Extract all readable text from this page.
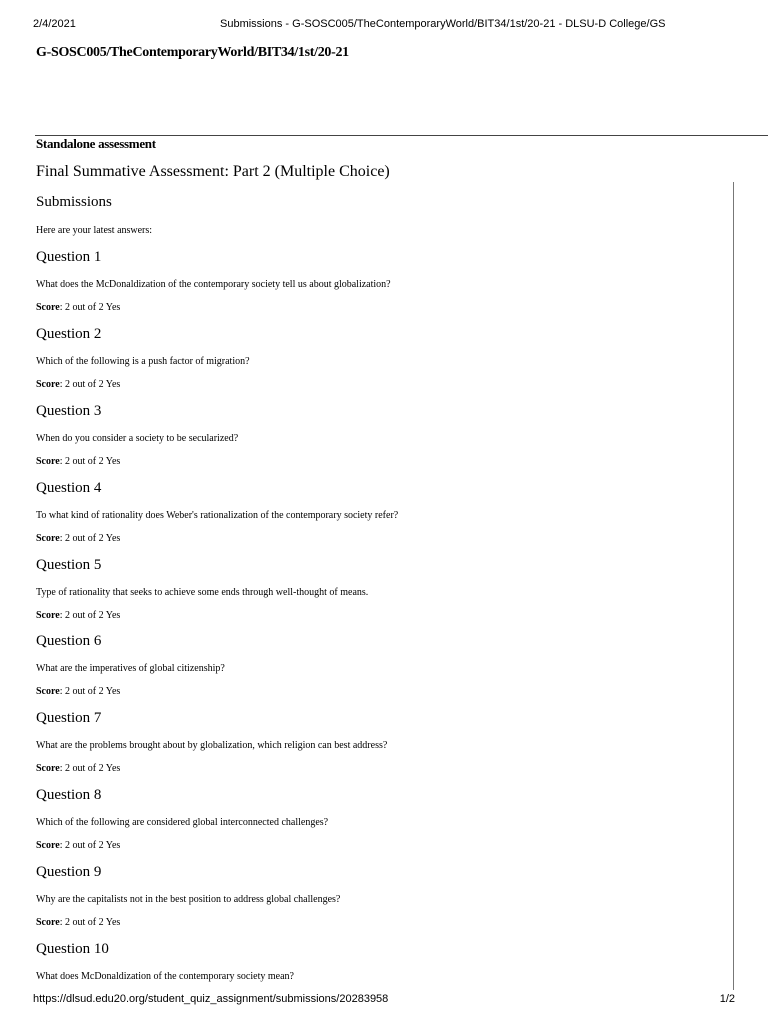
2/4/2021	Submissions - G-SOSC005/TheContemporaryWorld/BIT34/1st/20-21 - DLSU-D College/GS
G-SOSC005/TheContemporaryWorld/BIT34/1st/20-21
Standalone assessment
Final Summative Assessment: Part 2 (Multiple Choice)
Submissions
Here are your latest answers:
Question 1
What does the McDonaldization of the contemporary society tell us about globalization?
Score: 2 out of 2 Yes
Question 2
Which of the following is a push factor of migration?
Score: 2 out of 2 Yes
Question 3
When do you consider a society to be secularized?
Score: 2 out of 2 Yes
Question 4
To what kind of rationality does Weber's rationalization of the contemporary society refer?
Score: 2 out of 2 Yes
Question 5
Type of rationality that seeks to achieve some ends through well-thought of means.
Score: 2 out of 2 Yes
Question 6
What are the imperatives of global citizenship?
Score: 2 out of 2 Yes
Question 7
What are the problems brought about by globalization, which religion can best address?
Score: 2 out of 2 Yes
Question 8
Which of the following are considered global interconnected challenges?
Score: 2 out of 2 Yes
Question 9
Why are the capitalists not in the best position to address global challenges?
Score: 2 out of 2 Yes
Question 10
What does McDonaldization of the contemporary society mean?
https://dlsud.edu20.org/student_quiz_assignment/submissions/20283958	1/2
